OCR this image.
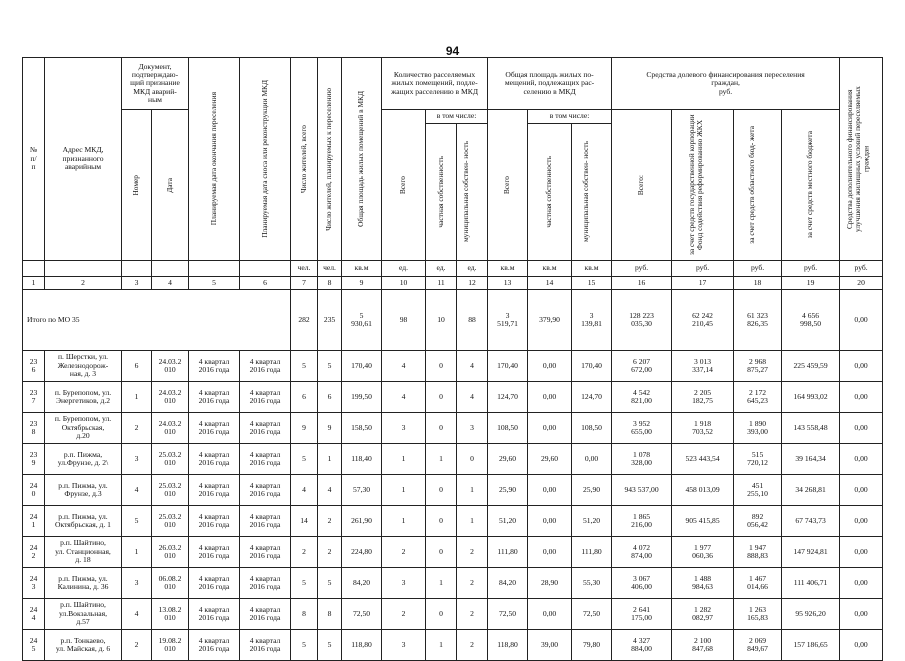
94
№
п/
п	Адрес МКД,
признанного
аварийным	Документ,
подтверждаю-
щий признание
МКД аварий-
ным		Планируемая дата окончания переселения	Планируемая дата сноса или реконструкции МКД	Число жителей, всего	Число жителей, планируемых к переселению	Общая площадь жилых помещений в МКД	Количество расселяемых
жилых помещений, подле-
жащих расселению в МКД			Общая площадь жилых по-
мещений, подлежащих рас-
селению в МКД			Средства долевого финансирования переселения
граждан,
руб.				Средства дополнительного финансирования улучшения жилищных условий переселяемых граждан

		Номер	Дата						Всего	в том числе:		Всего	в том числе:		Всего:	за счет средств государственной корпорации Фонд содействия реформированию ЖКХ	за счет средств областного бюд- жета	за счет средств местного бюджета	

										частная собственность	муниципальная собствен- ность		частная собственность	муниципальная собствен- ность					

						чел.	чел.	кв.м	ед.	ед.	ед.	кв.м	кв.м	кв.м	руб.	руб.	руб.	руб.	руб.
1	2	3	4	5	6	7	8	9	10	11	12	13	14	15	16	17	18	19	20
Итого по МО 35						282	235	5
930,61	98	10	88	3
519,71	379,90	3
139,81	128 223
035,30	62 242
210,45	61 323
826,35	4 656
998,50	0,00
23
6	п. Шерстки, ул.
Железнодорож-
ная, д. 3	6	24.03.2
010	4 квартал
2016 года	4 квартал
2016 года	5	5	170,40	4	0	4	170,40	0,00	170,40	6 207
672,00	3 013
337,14	2 968
875,27	225 459,59	0,00
23
7	п. Бурепопом, ул.
Энергетиков, д.2	1	24.03.2
010	4 квартал
2016 года	4 квартал
2016 года	6	6	199,50	4	0	4	124,70	0,00	124,70	4 542
821,00	2 205
182,75	2 172
645,23	164 993,02	0,00
23
8	п. Бурепопом, ул.
Октябрьская,
д.20	2	24.03.2
010	4 квартал
2016 года	4 квартал
2016 года	9	9	158,50	3	0	3	108,50	0,00	108,50	3 952
655,00	1 918
703,52	1 890
393,00	143 558,48	0,00
23
9	р.п. Пижма,
ул.Фрунзе, д. 2\	3	25.03.2
010	4 квартал
2016 года	4 квартал
2016 года	5	1	118,40	1	1	0	29,60	29,60	0,00	1 078
328,00	523 443,54	515
720,12	39 164,34	0,00
24
0	р.п. Пижма, ул.
Фрунзе, д.3	4	25.03.2
010	4 квартал
2016 года	4 квартал
2016 года	4	4	57,30	1	0	1	25,90	0,00	25,90	943 537,00	458 013,09	451
255,10	34 268,81	0,00
24
1	р.п. Пижма, ул.
Октябрьская, д. 1	5	25.03.2
010	4 квартал
2016 года	4 квартал
2016 года	14	2	261,90	1	0	1	51,20	0,00	51,20	1 865
216,00	905 415,85	892
056,42	67 743,73	0,00
24
2	р.п. Шайтино,
ул. Станционная,
д. 18	1	26.03.2
010	4 квартал
2016 года	4 квартал
2016 года	2	2	224,80	2	0	2	111,80	0,00	111,80	4 072
874,00	1 977
060,36	1 947
888,83	147 924,81	0,00
24
3	р.п. Пижма, ул.
Калинина, д. 36	3	06.08.2
010	4 квартал
2016 года	4 квартал
2016 года	5	5	84,20	3	1	2	84,20	28,90	55,30	3 067
406,00	1 488
984,63	1 467
014,66	111 406,71	0,00
24
4	р.п. Шайтино,
ул.Вокзальная,
д.57	4	13.08.2
010	4 квартал
2016 года	4 квартал
2016 года	8	8	72,50	2	0	2	72,50	0,00	72,50	2 641
175,00	1 282
082,97	1 263
165,83	95 926,20	0,00
24
5	р.п. Тонкаево,
ул. Майская, д. 6	2	19.08.2
010	4 квартал
2016 года	4 квартал
2016 года	5	5	118,80	3	1	2	118,80	39,00	79,80	4 327
884,00	2 100
847,68	2 069
849,67	157 186,65	0,00
